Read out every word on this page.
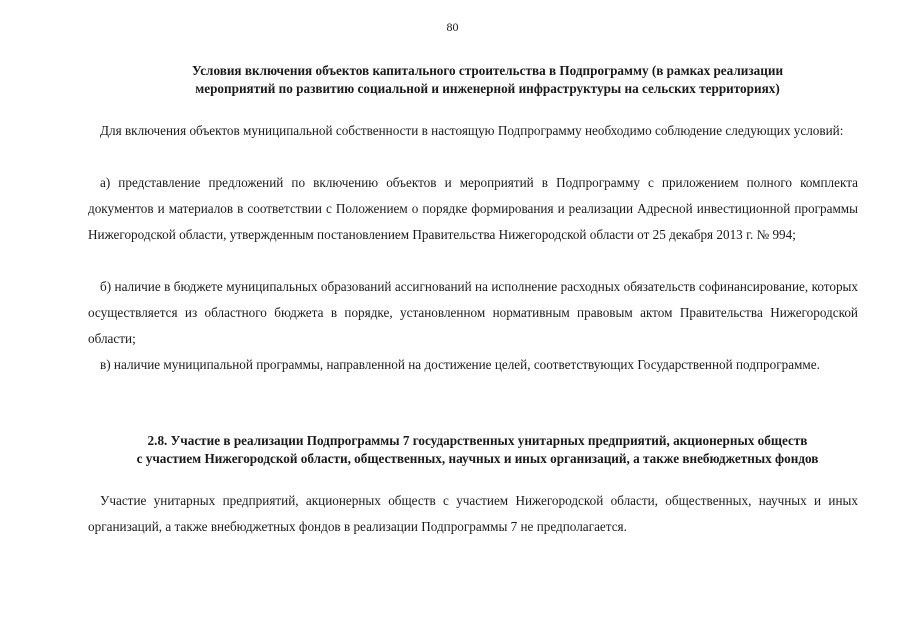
80
Условия включения объектов капитального строительства в Подпрограмму (в рамках реализации
мероприятий по развитию социальной и инженерной инфраструктуры на сельских территориях)

Для включения объектов муниципальной собственности в настоящую Подпрограмму необходимо соблюдение следующих условий:

а) представление предложений по включению объектов и мероприятий в Подпрограмму с приложением полного комплекта документов и материалов в соответствии с Положением о порядке формирования и реализации Адресной инвестиционной программы Нижегородской области, утвержденным постановлением Правительства Нижегородской области от 25 декабря 2013 г. № 994;

б) наличие в бюджете муниципальных образований ассигнований на исполнение расходных обязательств софинансирование, которых осуществляется из областного бюджета в порядке, установленном нормативным правовым актом Правительства Нижегородской области;

в) наличие муниципальной программы, направленной на достижение целей, соответствующих Государственной подпрограмме.

2.8. Участие в реализации Подпрограммы 7 государственных унитарных предприятий, акционерных обществ
с участием Нижегородской области, общественных, научных и иных организаций, а также внебюджетных фондов

Участие унитарных предприятий, акционерных обществ с участием Нижегородской области, общественных, научных и иных организаций, а также внебюджетных фондов в реализации Подпрограммы 7 не предполагается.
